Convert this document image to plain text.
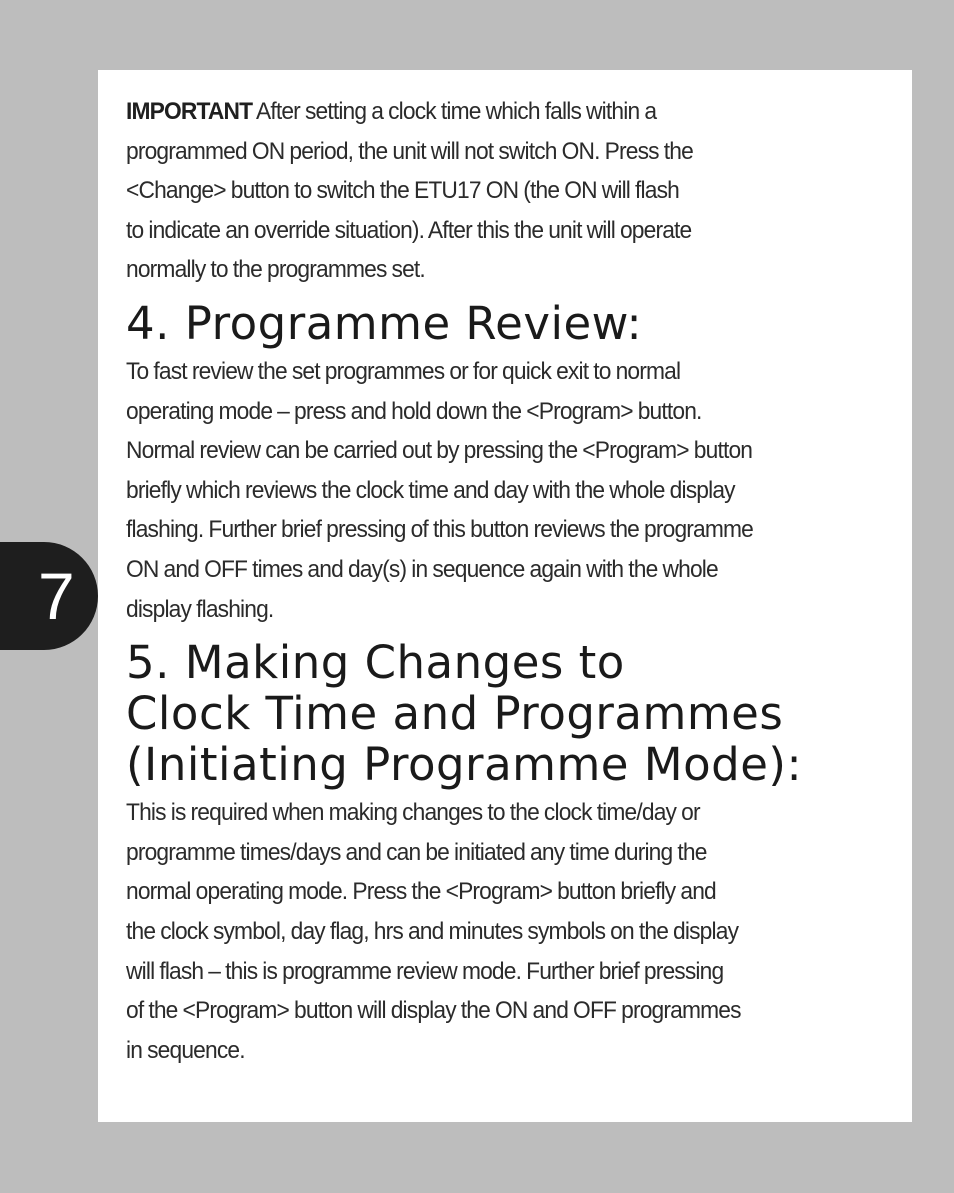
IMPORTANT After setting a clock time which falls within a
programmed ON period, the unit will not switch ON. Press the
<Change> button to switch the ETU17 ON (the ON will flash
to indicate an override situation). After this the unit will operate
normally to the programmes set.

4. Programme Review:

To fast review the set programmes or for quick exit to normal
operating mode – press and hold down the <Program> button.
Normal review can be carried out by pressing the <Program> button
briefly which reviews the clock time and day with the whole display
flashing. Further brief pressing of this button reviews the programme
ON and OFF times and day(s) in sequence again with the whole
display flashing.

5. Making Changes to
Clock Time and Programmes
(Initiating Programme Mode):

This is required when making changes to the clock time/day or
programme times/days and can be initiated any time during the
normal operating mode. Press the <Program> button briefly and
the clock symbol, day flag, hrs and minutes symbols on the display
will flash – this is programme review mode. Further brief pressing
of the <Program> button will display the ON and OFF programmes
in sequence.

7
